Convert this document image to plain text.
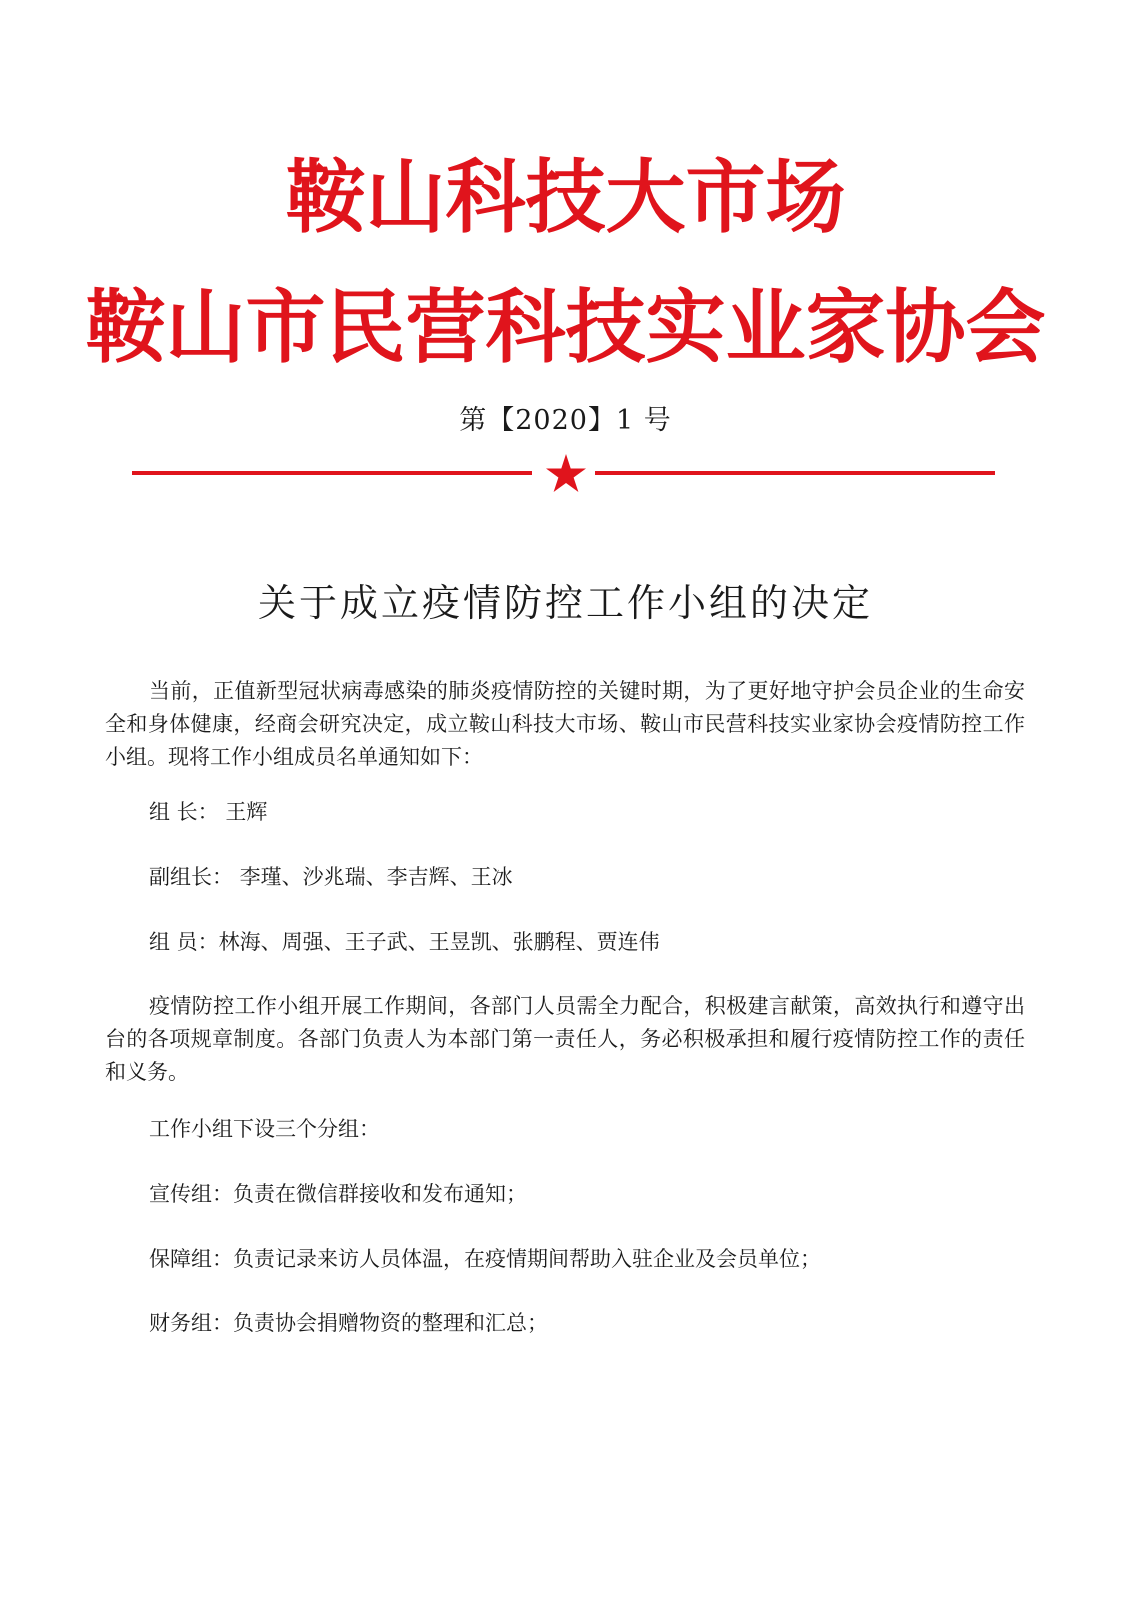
鞍山科技大市场
鞍山市民营科技实业家协会
第【2020】1 号
关于成立疫情防控工作小组的决定
当前，正值新型冠状病毒感染的肺炎疫情防控的关键时期，为了更好地守护会员企业的生命安全和身体健康，经商会研究决定，成立鞍山科技大市场、鞍山市民营科技实业家协会疫情防控工作小组。现将工作小组成员名单通知如下：
组 长： 王辉
副组长： 李瑾、沙兆瑞、李吉辉、王冰
组 员：林海、周强、王子武、王昱凯、张鹏程、贾连伟
疫情防控工作小组开展工作期间，各部门人员需全力配合，积极建言献策，高效执行和遵守出台的各项规章制度。各部门负责人为本部门第一责任人，务必积极承担和履行疫情防控工作的责任和义务。
工作小组下设三个分组：
宣传组：负责在微信群接收和发布通知；
保障组：负责记录来访人员体温，在疫情期间帮助入驻企业及会员单位；
财务组：负责协会捐赠物资的整理和汇总；
